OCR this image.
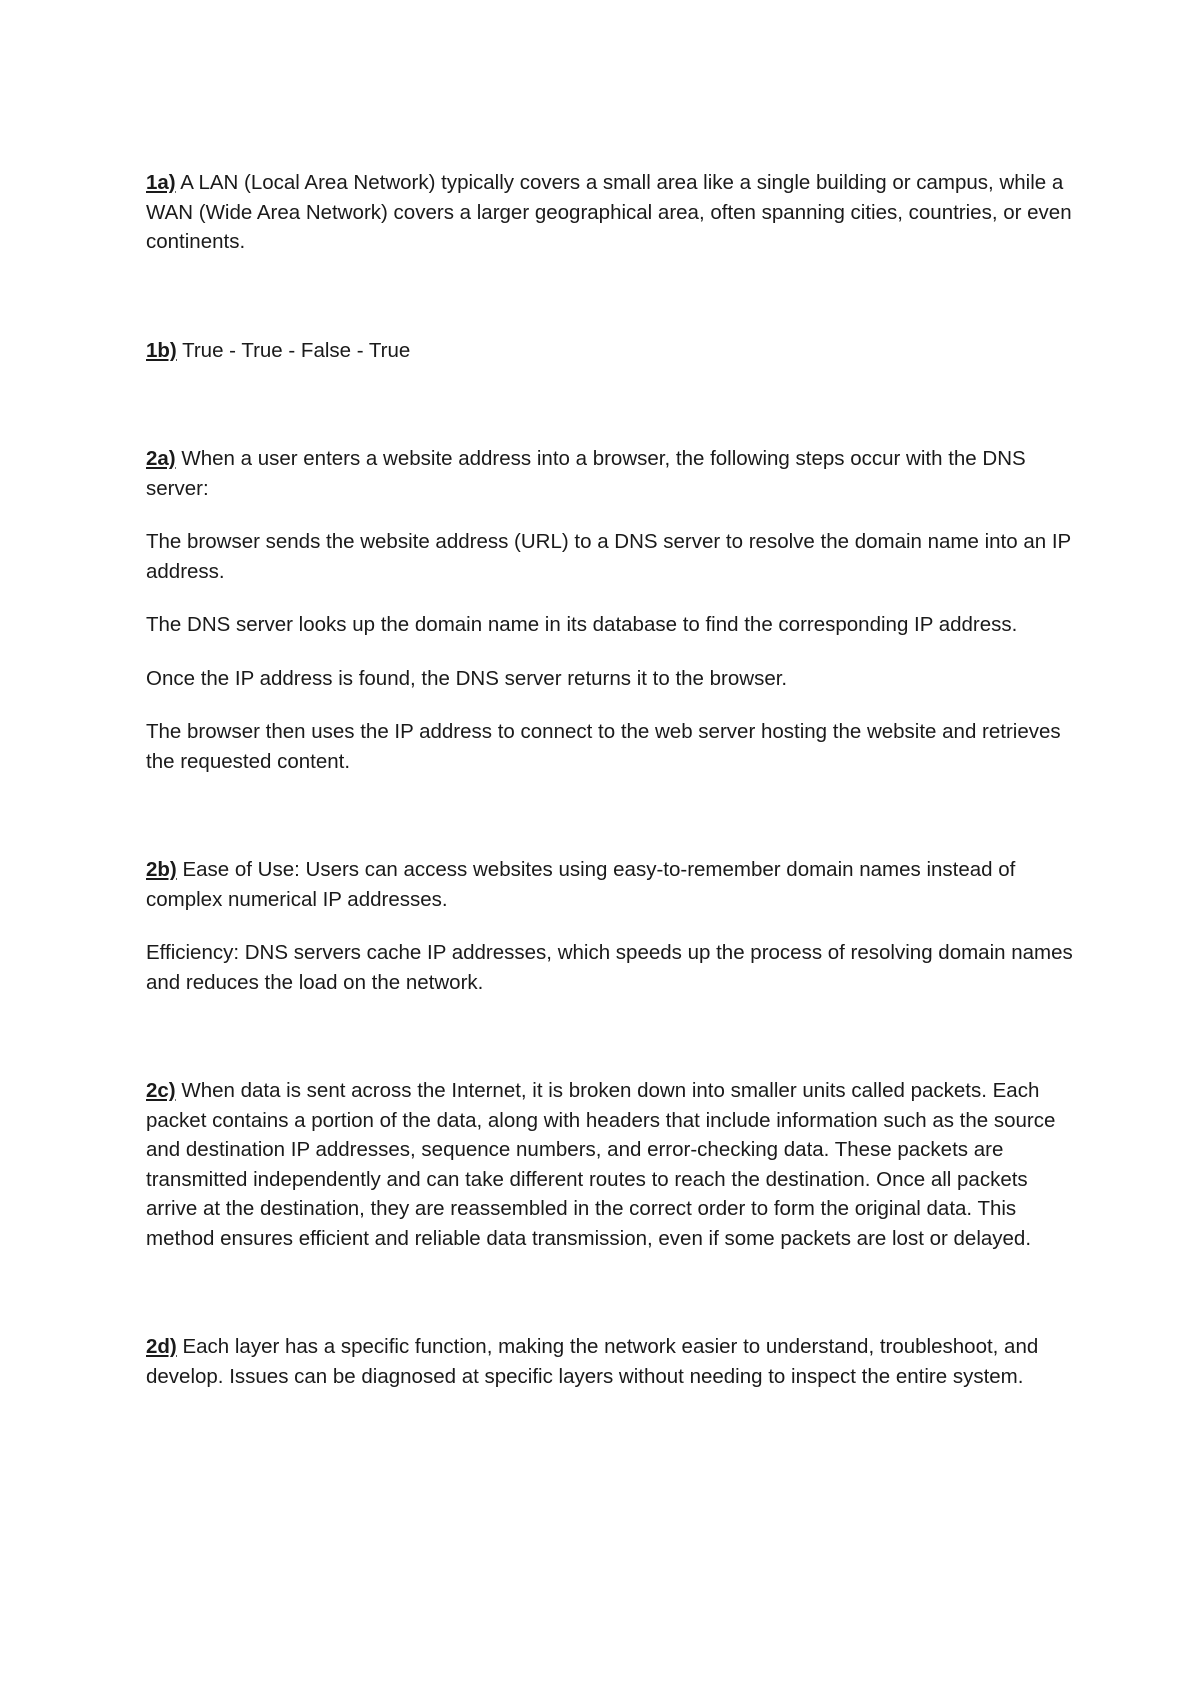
1a) A LAN (Local Area Network) typically covers a small area like a single building or campus, while a WAN (Wide Area Network) covers a larger geographical area, often spanning cities, countries, or even continents.

1b) True - True - False - True

2a) When a user enters a website address into a browser, the following steps occur with the DNS server:

The browser sends the website address (URL) to a DNS server to resolve the domain name into an IP address.

The DNS server looks up the domain name in its database to find the corresponding IP address.

Once the IP address is found, the DNS server returns it to the browser.

The browser then uses the IP address to connect to the web server hosting the website and retrieves the requested content.

2b) Ease of Use: Users can access websites using easy-to-remember domain names instead of complex numerical IP addresses.

Efficiency: DNS servers cache IP addresses, which speeds up the process of resolving domain names and reduces the load on the network.

2c) When data is sent across the Internet, it is broken down into smaller units called packets. Each packet contains a portion of the data, along with headers that include information such as the source and destination IP addresses, sequence numbers, and error-checking data. These packets are transmitted independently and can take different routes to reach the destination. Once all packets arrive at the destination, they are reassembled in the correct order to form the original data. This method ensures efficient and reliable data transmission, even if some packets are lost or delayed.

2d) Each layer has a specific function, making the network easier to understand, troubleshoot, and develop. Issues can be diagnosed at specific layers without needing to inspect the entire system.
